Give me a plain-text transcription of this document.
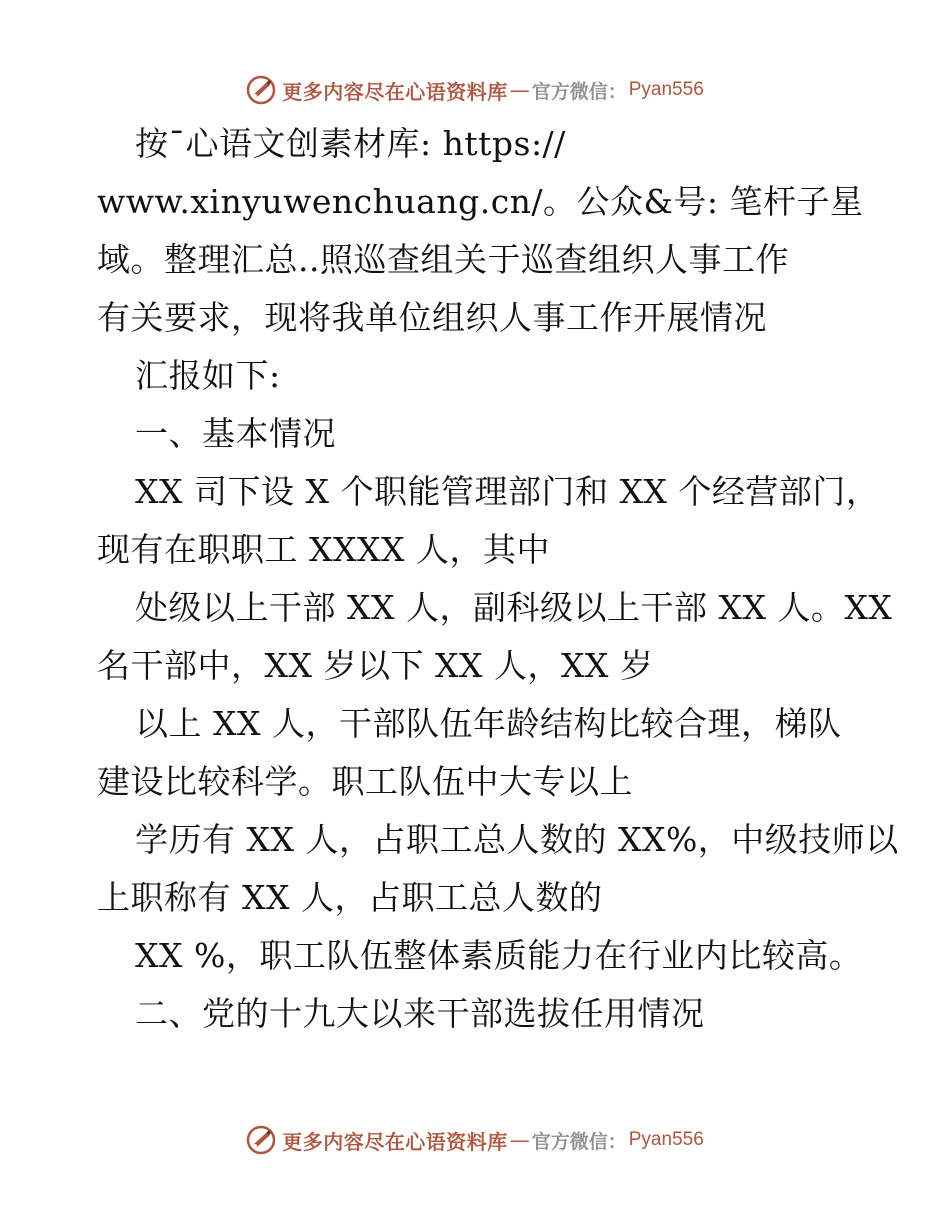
更多内容尽在心语资料库 — 官方微信： Pyan556
按¯心语文创素材库: https://
www.xinyuwenchuang.cn/。公众&号: 笔杆子星
域。整理汇总..照巡查组关于巡查组织人事工作
有关要求，现将我单位组织人事工作开展情况
汇报如下:
一、基本情况
XX 司下设 X 个职能管理部门和 XX 个经营部门，
现有在职职工 XXXX 人，其中
处级以上干部 XX 人，副科级以上干部 XX 人。XX
名干部中，XX 岁以下 XX 人，XX 岁
以上 XX 人，干部队伍年龄结构比较合理，梯队
建设比较科学。职工队伍中大专以上
学历有 XX 人，占职工总人数的 XX%，中级技师以
上职称有 XX 人，占职工总人数的
XX %，职工队伍整体素质能力在行业内比较高。
二、党的十九大以来干部选拔任用情况
更多内容尽在心语资料库 — 官方微信： Pyan556
